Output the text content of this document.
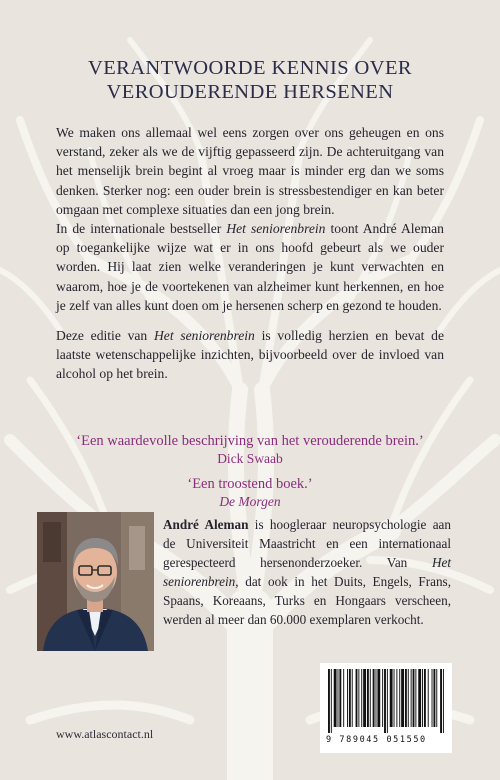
VERANTWOORDE KENNIS OVER
VEROUDERENDE HERSENEN

We maken ons allemaal wel eens zorgen over ons geheugen en ons verstand, zeker als we de vijftig gepasseerd zijn. De achteruitgang van het menselijk brein begint al vroeg maar is minder erg dan we soms denken. Sterker nog: een ouder brein is stressbestendiger en kan beter omgaan met complexe situaties dan een jong brein.

In de internationale bestseller Het seniorenbrein toont André Aleman op toegankelijke wijze wat er in ons hoofd gebeurt als we ouder worden. Hij laat zien welke veranderingen je kunt verwachten en waarom, hoe je de voortekenen van alzheimer kunt herkennen, en hoe je zelf van alles kunt doen om je hersenen scherp en gezond te houden.

Deze editie van Het seniorenbrein is volledig herzien en bevat de laatste wetenschappelijke inzichten, bijvoorbeeld over de invloed van alcohol op het brein.

‘Een waardevolle beschrijving van het verouderende brein.’
Dick Swaab
‘Een troostend boek.’
De Morgen

André Aleman is hoogleraar neuropsychologie aan de Universiteit Maastricht en een internationaal gerespecteerd hersenonderzoeker. Van Het seniorenbrein, dat ook in het Duits, Engels, Frans, Spaans, Koreaans, Turks en Hongaars verscheen, werden al meer dan 60.000 exemplaren verkocht.

www.atlascontact.nl	9 789045 051550
